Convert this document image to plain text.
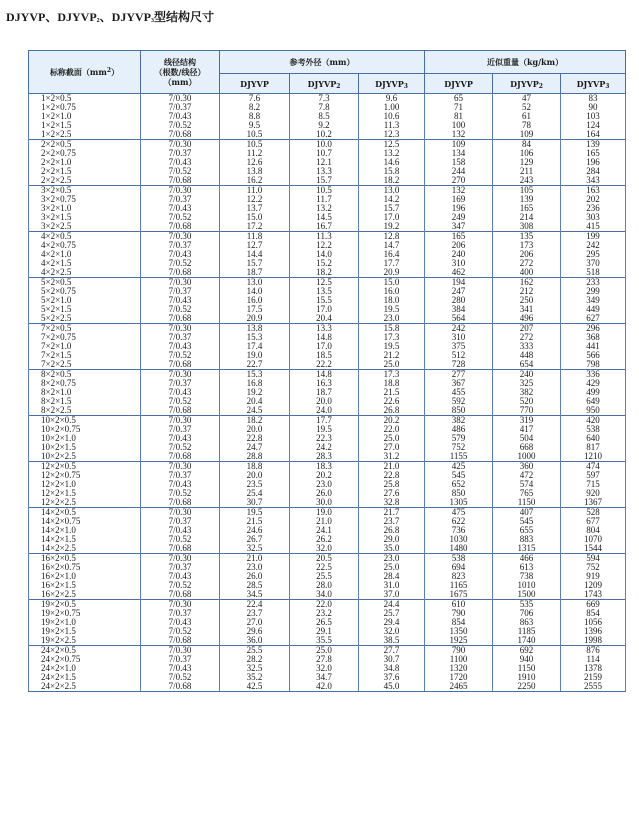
DJYVP、$DJYVP_2$、$DJYVP_3$型结构尺寸
标称截面$(mm^2)$	线径结构
（根数/线径）
（mm）	参考外径（mm）			近似重量（kg/km）		
		DJYVP	$DJYVP_2$	$DJYVP_3$	DJYVP	$DJYVP_2$	$DJYVP_3$
1×2×0.5	7/0.30	7.6	7.3	9.6	65	47	83
1×2×0.75	7/0.37	8.2	7.8	1.00	71	52	90
1×2×1.0	7/0.43	8.8	8.5	10.6	81	61	103
1×2×1.5	7/0.52	9.5	9.2	11.3	100	78	124
1×2×2.5	7/0.68	10.5	10.2	12.3	132	109	164
2×2×0.5	7/0.30	10.5	10.0	12.5	109	84	139
2×2×0.75	7/0.37	11.2	10.7	13.2	134	106	165
2×2×1.0	7/0.43	12.6	12.1	14.6	158	129	196
2×2×1.5	7/0.52	13.8	13.3	15.8	244	211	284
2×2×2.5	7/0.68	16.2	15.7	18.2	270	243	343
3×2×0.5	7/0.30	11.0	10.5	13.0	132	105	163
3×2×0.75	7/0.37	12.2	11.7	14.2	169	139	202
3×2×1.0	7/0.43	13.7	13.2	15.7	196	165	236
3×2×1.5	7/0.52	15.0	14.5	17.0	249	214	303
3×2×2.5	7/0.68	17.2	16.7	19.2	347	308	415
4×2×0.5	7/0.30	11.8	11.3	12.8	165	135	199
4×2×0.75	7/0.37	12.7	12.2	14.7	206	173	242
4×2×1.0	7/0.43	14.4	14.0	16.4	240	206	295
4×2×1.5	7/0.52	15.7	15.2	17.7	310	272	370
4×2×2.5	7/0.68	18.7	18.2	20.9	462	400	518
5×2×0.5	7/0.30	13.0	12.5	15.0	194	162	233
5×2×0.75	7/0.37	14.0	13.5	16.0	247	212	299
5×2×1.0	7/0.43	16.0	15.5	18.0	280	250	349
5×2×1.5	7/0.52	17.5	17.0	19.5	384	341	449
5×2×2.5	7/0.68	20.9	20.4	23.0	564	496	627
7×2×0.5	7/0.30	13.8	13.3	15.8	242	207	296
7×2×0.75	7/0.37	15.3	14.8	17.3	310	272	368
7×2×1.0	7/0.43	17.4	17.0	19.5	375	333	441
7×2×1.5	7/0.52	19.0	18.5	21.2	512	448	566
7×2×2.5	7/0.68	22.7	22.2	25.0	728	654	798
8×2×0.5	7/0.30	15.3	14.8	17.3	277	240	336
8×2×0.75	7/0.37	16.8	16.3	18.8	367	325	429
8×2×1.0	7/0.43	19.2	18.7	21.5	455	382	499
8×2×1.5	7/0.52	20.4	20.0	22.6	592	520	649
8×2×2.5	7/0.68	24.5	24.0	26.8	850	770	950
10×2×0.5	7/0.30	18.2	17.7	20.2	382	319	420
10×2×0.75	7/0.37	20.0	19.5	22.0	486	417	538
10×2×1.0	7/0.43	22.8	22.3	25.0	579	504	640
10×2×1.5	7/0.52	24.7	24.2	27.0	752	668	817
10×2×2.5	7/0.68	28.8	28.3	31.2	1155	1000	1210
12×2×0.5	7/0.30	18.8	18.3	21.0	425	360	474
12×2×0.75	7/0.37	20.0	20.2	22.8	545	472	597
12×2×1.0	7/0.43	23.5	23.0	25.8	652	574	715
12×2×1.5	7/0.52	25.4	26.0	27.6	850	765	920
12×2×2.5	7/0.68	30.7	30.0	32.8	1305	1150	1367
14×2×0.5	7/0.30	19.5	19.0	21.7	475	407	528
14×2×0.75	7/0.37	21.5	21.0	23.7	622	545	677
14×2×1.0	7/0.43	24.6	24.1	26.8	736	655	804
14×2×1.5	7/0.52	26.7	26.2	29.0	1030	883	1070
14×2×2.5	7/0.68	32.5	32.0	35.0	1480	1315	1544
16×2×0.5	7/0.30	21.0	20.5	23.0	538	466	594
16×2×0.75	7/0.37	23.0	22.5	25.0	694	613	752
16×2×1.0	7/0.43	26.0	25.5	28.4	823	738	919
16×2×1.5	7/0.52	28.5	28.0	31.0	1165	1010	1209
16×2×2.5	7/0.68	34.5	34.0	37.0	1675	1500	1743
19×2×0.5	7/0.30	22.4	22.0	24.4	610	535	669
19×2×0.75	7/0.37	23.7	23.2	25.7	790	706	854
19×2×1.0	7/0.43	27.0	26.5	29.4	854	863	1056
19×2×1.5	7/0.52	29.6	29.1	32.0	1350	1185	1396
19×2×2.5	7/0.68	36.0	35.5	38.5	1925	1740	1998
24×2×0.5	7/0.30	25.5	25.0	27.7	790	692	876
24×2×0.75	7/0.37	28.2	27.8	30.7	1100	940	114
24×2×1.0	7/0.43	32.5	32.0	34.8	1320	1150	1378
24×2×1.5	7/0.52	35.2	34.7	37.6	1720	1910	2159
24×2×2.5	7/0.68	42.5	42.0	45.0	2465	2250	2555
